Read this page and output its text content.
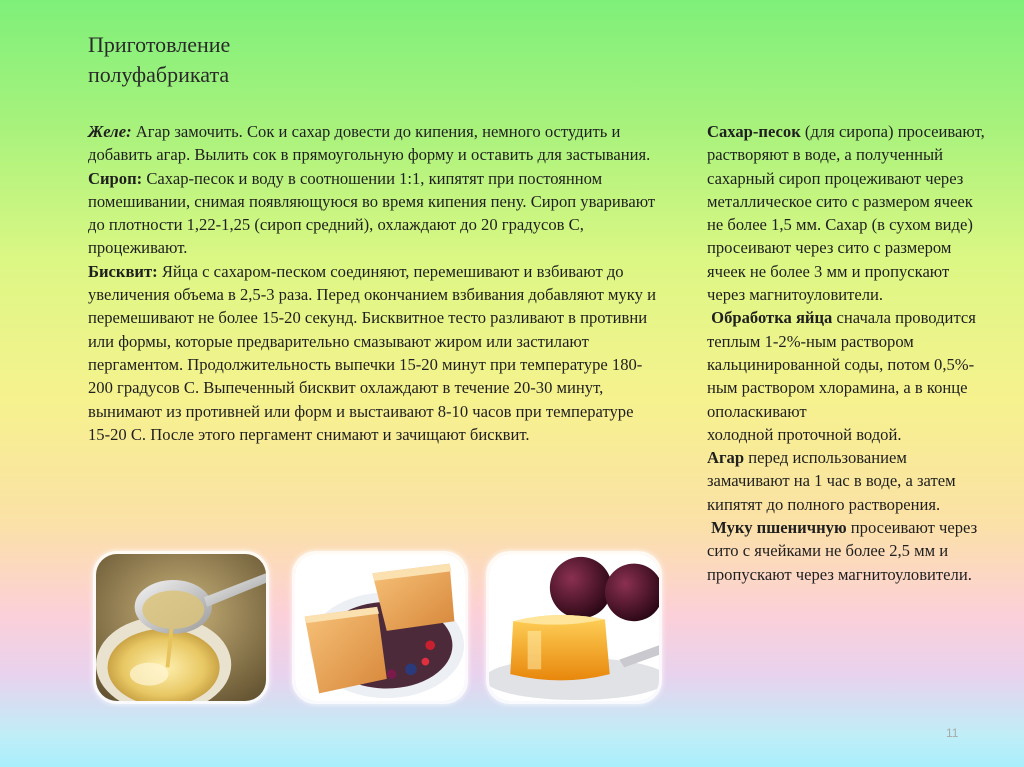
Приготовление
полуфабриката

Желе: Агар замочить. Сок и сахар довести до кипения, немного остудить и добавить агар. Вылить сок в прямоугольную форму и оставить для застывания.

Сироп: Сахар-песок и воду в соотношении 1:1, кипятят при постоянном помешивании, снимая появляющуюся во время кипения пену. Сироп уваривают до плотности 1,22-1,25 (сироп средний), охлаждают до 20 градусов С, процеживают.

Бисквит: Яйца с сахаром-песком соединяют, перемешивают и взбивают до увеличения объема в 2,5-3 раза. Перед окончанием взбивания добавляют муку и перемешивают не более 15-20 секунд. Бисквитное тесто разливают в противни или формы, которые предварительно смазывают жиром или застилают пергаментом. Продолжительность выпечки 15-20 минут при температуре 180-200 градусов С. Выпеченный бисквит охлаждают в течение 20-30 минут, вынимают из противней или форм и выстаивают 8-10 часов при температуре 15-20 С. После этого пергамент снимают и зачищают бисквит.

Сахар-песок (для сиропа) просеивают, растворяют в воде, а полученный сахарный сироп процеживают через металлическое сито с размером ячеек не более 1,5 мм. Сахар (в сухом виде) просеивают через сито с размером ячеек не более 3 мм и пропускают через магнитоуловители.

Обработка яйца сначала проводится теплым 1-2%-ным раствором кальцинированной соды, потом 0,5%-ным раствором хлорамина, а в конце ополаскивают

холодной проточной водой.

Агар перед использованием замачивают на 1 час в воде, а затем кипятят до полного растворения.

Муку пшеничную просеивают через сито с ячейками не более 2,5 мм и пропускают через магнитоуловители.

11
